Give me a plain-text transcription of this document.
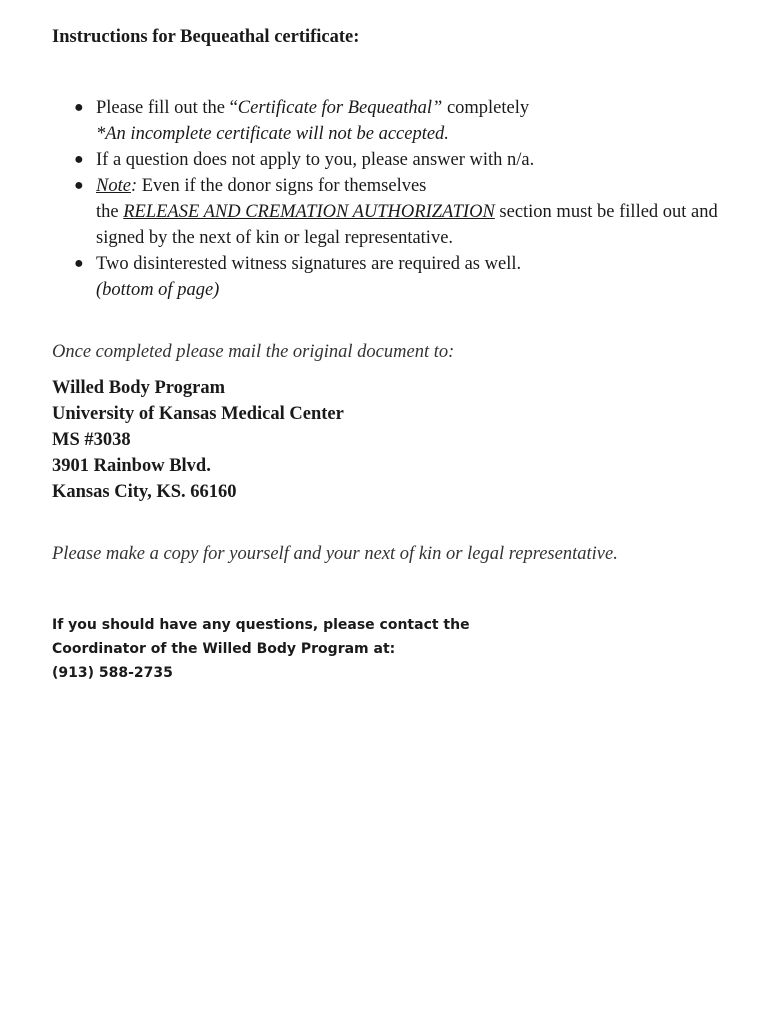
Instructions for Bequeathal certificate:
● Please fill out the “Certificate for Bequeathal” completely
*An incomplete certificate will not be accepted.
● If a question does not apply to you, please answer with n/a.
● Note: Even if the donor signs for themselves
the RELEASE AND CREMATION AUTHORIZATION section must be filled out and signed by the next of kin or legal representative.
● Two disinterested witness signatures are required as well.
(bottom of page)

Once completed please mail the original document to:

Willed Body Program
University of Kansas Medical Center
MS #3038
3901 Rainbow Blvd.
Kansas City, KS. 66160

Please make a copy for yourself and your next of kin or legal representative.

If you should have any questions, please contact the
Coordinator of the Willed Body Program at:
(913) 588-2735
